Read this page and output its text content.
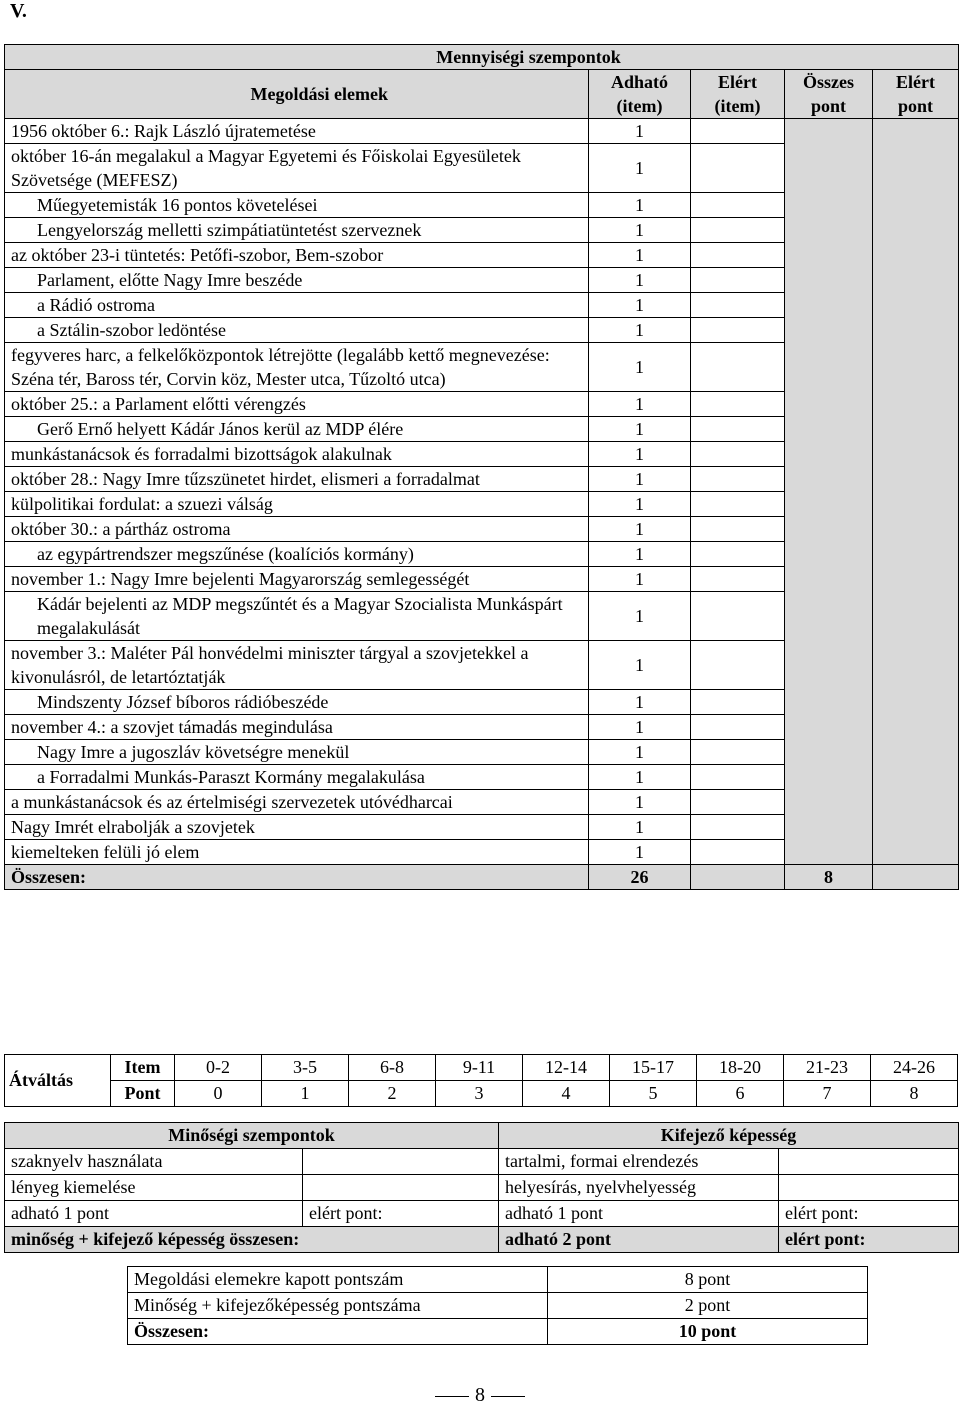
V.
Mennyiségi szempontok				
Megoldási elemek	Adható (item)	Elért (item)	Összes pont	Elért pont
1956 október 6.: Rajk László újratemetése	1			
október 16-án megalakul a Magyar Egyetemi és Főiskolai Egyesületek Szövetsége (MEFESZ)	1			
Műegyetemisták 16 pontos követelései	1			
Lengyelország melletti szimpátiatüntetést szerveznek	1			
az október 23-i tüntetés: Petőfi-szobor, Bem-szobor	1			
Parlament, előtte Nagy Imre beszéde	1			
a Rádió ostroma	1			
a Sztálin-szobor ledöntése	1			
fegyveres harc, a felkelőközpontok létrejötte (legalább kettő megnevezése: Széna tér, Baross tér, Corvin köz, Mester utca, Tűzoltó utca)	1			
október 25.: a Parlament előtti vérengzés	1			
Gerő Ernő helyett Kádár János kerül az MDP élére	1			
munkástanácsok és forradalmi bizottságok alakulnak	1			
október 28.: Nagy Imre tűzszünetet hirdet, elismeri a forradalmat	1			
külpolitikai fordulat: a szuezi válság	1			
október 30.: a pártház ostroma	1			
az egypártrendszer megszűnése (koalíciós kormány)	1			
november 1.: Nagy Imre bejelenti Magyarország semlegességét	1			
Kádár bejelenti az MDP megszűntét és a Magyar Szocialista Munkáspárt megalakulását	1			
november 3.: Maléter Pál honvédelmi miniszter tárgyal a szovjetekkel a kivonulásról, de letartóztatják	1			
Mindszenty József bíboros rádióbeszéde	1			
november 4.: a szovjet támadás megindulása	1			
Nagy Imre a jugoszláv követségre menekül	1			
a Forradalmi Munkás-Paraszt Kormány megalakulása	1			
a munkástanácsok és az értelmiségi szervezetek utóvédharcai	1			
Nagy Imrét elrabolják a szovjetek	1			
kiemelteken felüli jó elem	1			
Összesen:	26		8	
Átváltás	Item	0-2	3-5	6-8	9-11	12-14	15-17	18-20	21-23	24-26
	Pont	0	1	2	3	4	5	6	7	8
Minőségi szempontok		Kifejező képesség	
szaknyelv használata		tartalmi, formai elrendezés	
lényeg kiemelése		helyesírás, nyelvhelyesség	
adható 1 pont	elért pont:	adható 1 pont	elért pont:
minőség + kifejező képesség összesen:		adható 2 pont	elért pont:
Megoldási elemekre kapott pontszám	8 pont
Minőség + kifejezőképesség pontszáma	2 pont
Összesen:	10 pont
8
